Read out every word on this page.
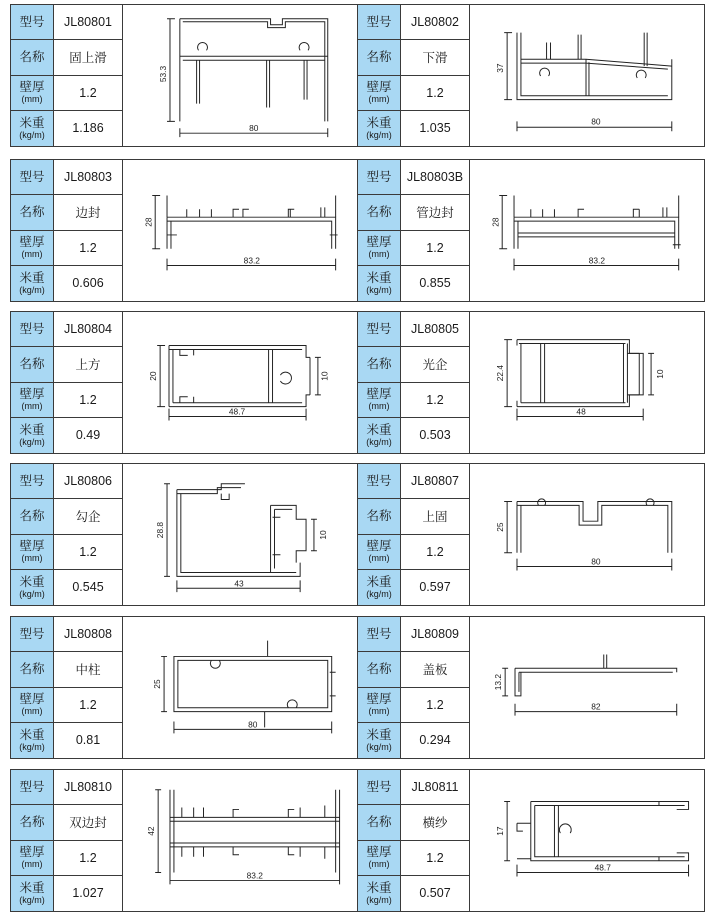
型号	JL80801
名称	固上滑
壁厚
(mm)	1.2
米重
(kg/m)	1.186
53.3
80
型号	JL80802
名称	下滑
壁厚
(mm)	1.2
米重
(kg/m)	1.035
37
80
型号	JL80803
名称	边封
壁厚
(mm)	1.2
米重
(kg/m)	0.606
28
83.2
型号	JL80803B
名称	管边封
壁厚
(mm)	1.2
米重
(kg/m)	0.855
28
83.2
型号	JL80804
名称	上方
壁厚
(mm)	1.2
米重
(kg/m)	0.49
20
48.7
10
型号	JL80805
名称	光企
壁厚
(mm)	1.2
米重
(kg/m)	0.503
22.4
48
10
型号	JL80806
名称	勾企
壁厚
(mm)	1.2
米重
(kg/m)	0.545
28.8
43
10
型号	JL80807
名称	上固
壁厚
(mm)	1.2
米重
(kg/m)	0.597
25
80
型号	JL80808
名称	中柱
壁厚
(mm)	1.2
米重
(kg/m)	0.81
25
80
型号	JL80809
名称	盖板
壁厚
(mm)	1.2
米重
(kg/m)	0.294
13.2
82
型号	JL80810
名称	双边封
壁厚
(mm)	1.2
米重
(kg/m)	1.027
42
83.2
型号	JL80811
名称	横纱
壁厚
(mm)	1.2
米重
(kg/m)	0.507
17
48.7
